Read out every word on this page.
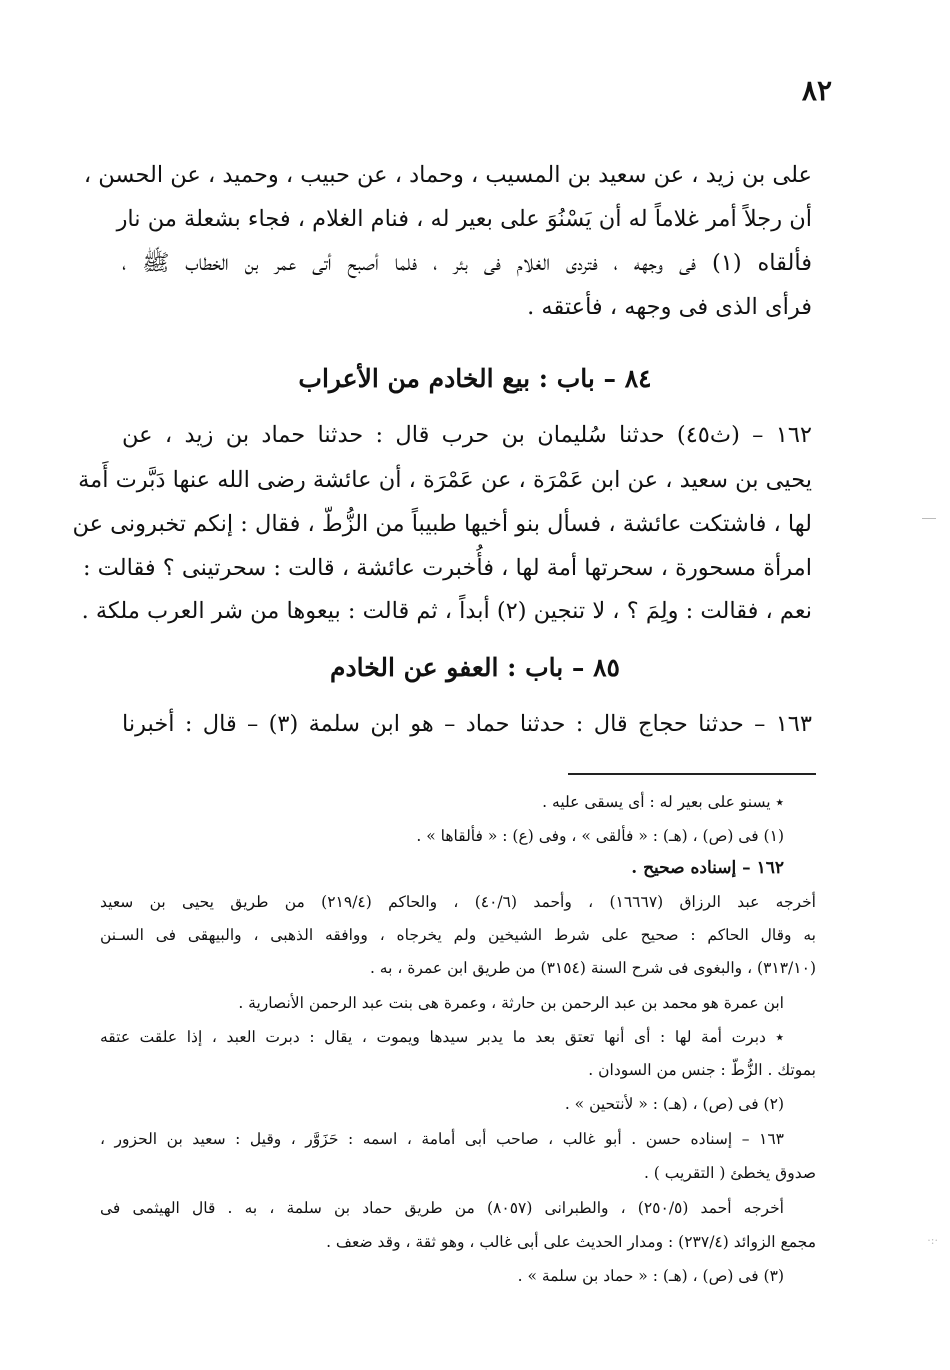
٨٢
على بن زيد ، عن سعيد بن المسيب ، وحماد ، عن حبيب ، وحميد ، عن الحسن ،
أن رجلاً أمر غلاماً له أن يَسْنُوَ على بعير له ، فنام الغلام ، فجاء بشعلة من نار
فألقاه (١) فى وجهه ، فتردى الغلام فى بئر ، فلما أصبح أتى عمر بن الخطاب ﷺ ،
فرأى الذى فى وجهه ، فأعتقه .
٨٤ – باب : بيع الخادم من الأعراب
١٦٢ – (ث٤٥) حدثنا سُليمان بن حرب قال : حدثنا حماد بن زيد ، عن
يحيى بن سعيد ، عن ابن عَمْرَة ، عن عَمْرَة ، أن عائشة رضى الله عنها دَبَّرت أَمة
لها ، فاشتكت عائشة ، فسأل بنو أخيها طبيباً من الزُّطّ ، فقال : إنكم تخبرونى عن
امرأة مسحورة ، سحرتها أمة لها ، فأُخبرت عائشة ، قالت : سحرتينى ؟ فقالت :
نعم ، فقالت : ولِمَ ؟ ، لا تنجين (٢) أبداً ، ثم قالت : بيعوها من شر العرب ملكة .
٨٥ – باب : العفو عن الخادم
١٦٣ – حدثنا حجاج قال : حدثنا حماد – هو ابن سلمة (٣) – قال : أخبرنا
٭ يسنو على بعير له : أى يسقى عليه .
(١) فى (ص) ، (هـ) : « فألقى » ، وفى (ع) : « فألقاها » .
١٦٢ – إسناده صحيح .
أخرجه عبد الرزاق (١٦٦٦٧) ، وأحمد (٤٠/٦) ، والحاكم (٢١٩/٤) من طريق يحيى بن سعيد
به وقال الحاكم : صحيح على شرط الشيخين ولم يخرجاه ، ووافقه الذهبى ، والبيهقى فى السـنن
(٣١٣/١٠) ، والبغوى فى شرح السنة (٣١٥٤) من طريق ابن عمرة ، به .
ابن عمرة هو محمد بن عبد الرحمن بن حارثة ، وعمرة هى بنت عبد الرحمن الأنصارية .
٭ دبرت أمة لها : أى أنها تعتق بعد ما يدبر سيدها ويموت ، يقال : دبرت العبد ، إذا علقت عتقه
بموتك . الزُّطّ : جنس من السودان .
(٢) فى (ص) ، (هـ) : « لأنتحين » .
١٦٣ – إسناده حسن . أبو غالب ، صاحب أبى أمامة ، اسمه : حَزَوَّر ، وقيل : سعيد بن الحزور ،
صدوق يخطئ ( التقريب ) .
أخرجه أحمد (٢٥٠/٥) ، والطبرانى (٨٠٥٧) من طريق حماد بن سلمة ، به . قال الهيثمى فى
مجمع الزوائد (٢٣٧/٤) : ومدار الحديث على أبى غالب ، وهو ثقة ، وقد ضعف .
(٣) فى (ص) ، (هـ) : « حماد بن سلمة » .
·:·
